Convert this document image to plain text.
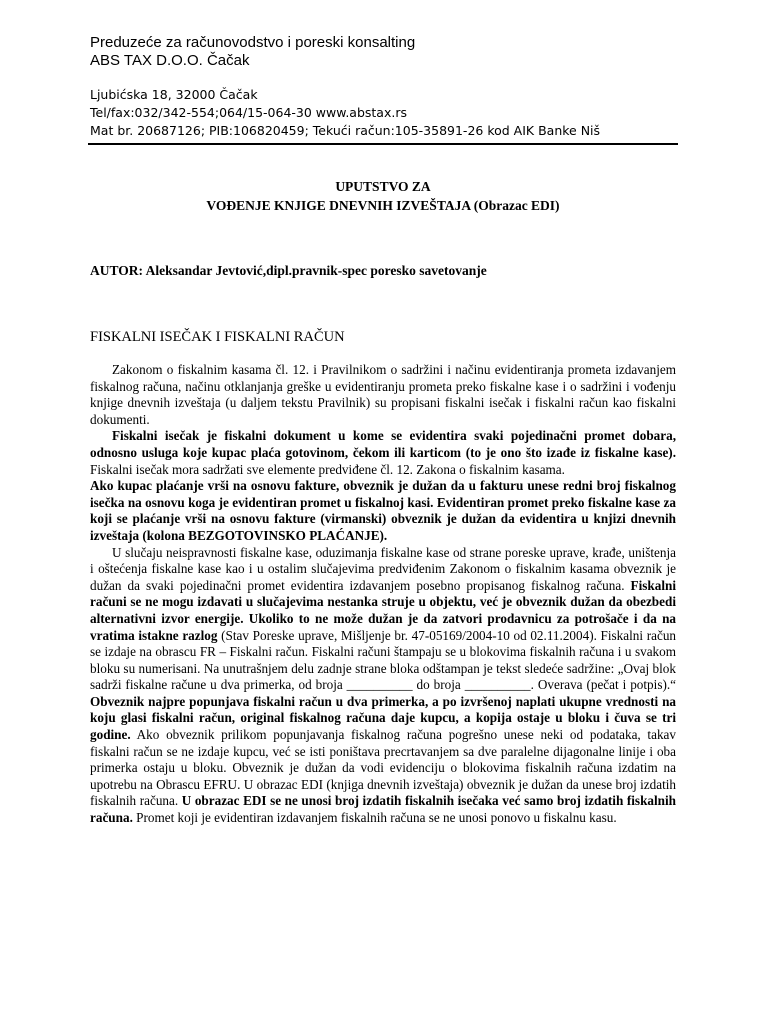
Preduzeće za računovodstvo i poreski konsalting
ABS TAX D.O.O. Čačak
Ljubićska 18, 32000 Čačak
Tel/fax:032/342-554;064/15-064-30 www.abstax.rs
Mat br. 20687126; PIB:106820459; Tekući račun:105-35891-26 kod AIK Banke Niš
UPUTSTVO ZA
VOĐENJE KNJIGE DNEVNIH IZVEŠTAJA (Obrazac EDI)
AUTOR: Aleksandar Jevtović,dipl.pravnik-spec poresko savetovanje
FISKALNI ISEČAK I FISKALNI RAČUN

Zakonom o fiskalnim kasama čl. 12. i Pravilnikom o sadržini i načinu evidentiranja prometa izdavanjem fiskalnog računa, načinu otklanjanja greške u evidentiranju prometa preko fiskalne kase i o sadržini i vođenju knjige dnevnih izveštaja (u daljem tekstu Pravilnik) su propisani fiskalni isečak i fiskalni račun kao fiskalni dokumenti.

Fiskalni isečak je fiskalni dokument u kome se evidentira svaki pojedinačni promet dobara, odnosno usluga koje kupac plaća gotovinom, čekom ili karticom (to je ono što izađe iz fiskalne kase). Fiskalni isečak mora sadržati sve elemente predviđene čl. 12. Zakona o fiskalnim kasama.

Ako kupac plaćanje vrši na osnovu fakture, obveznik je dužan da u fakturu unese redni broj fiskalnog isečka na osnovu koga je evidentiran promet u fiskalnoj kasi. Evidentiran promet preko fiskalne kase za koji se plaćanje vrši na osnovu fakture (virmanski) obveznik je dužan da evidentira u knjizi dnevnih izveštaja (kolona BEZGOTOVINSKO PLAĆANJE).

U slučaju neispravnosti fiskalne kase, oduzimanja fiskalne kase od strane poreske uprave, krađe, uništenja i oštećenja fiskalne kase kao i u ostalim slučajevima predviđenim Zakonom o fiskalnim kasama obveznik je dužan da svaki pojedinačni promet evidentira izdavanjem posebno propisanog fiskalnog računa. Fiskalni računi se ne mogu izdavati u slučajevima nestanka struje u objektu, već je obveznik dužan da obezbedi alternativni izvor energije. Ukoliko to ne može dužan je da zatvori prodavnicu za potrošače i da na vratima istakne razlog (Stav Poreske uprave, Mišljenje br. 47-05169/2004-10 od 02.11.2004). Fiskalni račun se izdaje na obrascu FR – Fiskalni račun. Fiskalni računi štampaju se u blokovima fiskalnih računa i u svakom bloku su numerisani. Na unutrašnjem delu zadnje strane bloka odštampan je tekst sledeće sadržine: „Ovaj blok sadrži fiskalne račune u dva primerka, od broja __________ do broja __________. Overava (pečat i potpis).“ Obveznik najpre popunjava fiskalni račun u dva primerka, a po izvršenoj naplati ukupne vrednosti na koju glasi fiskalni račun, original fiskalnog računa daje kupcu, a kopija ostaje u bloku i čuva se tri godine. Ako obveznik prilikom popunjavanja fiskalnog računa pogrešno unese neki od podataka, takav fiskalni račun se ne izdaje kupcu, već se isti poništava precrtavanjem sa dve paralelne dijagonalne linije i oba primerka ostaju u bloku. Obveznik je dužan da vodi evidenciju o blokovima fiskalnih računa izdatim na upotrebu na Obrascu EFRU. U obrazac EDI (knjiga dnevnih izveštaja) obveznik je dužan da unese broj izdatih fiskalnih računa. U obrazac EDI se ne unosi broj izdatih fiskalnih isečaka već samo broj izdatih fiskalnih računa. Promet koji je evidentiran izdavanjem fiskalnih računa se ne unosi ponovo u fiskalnu kasu.
